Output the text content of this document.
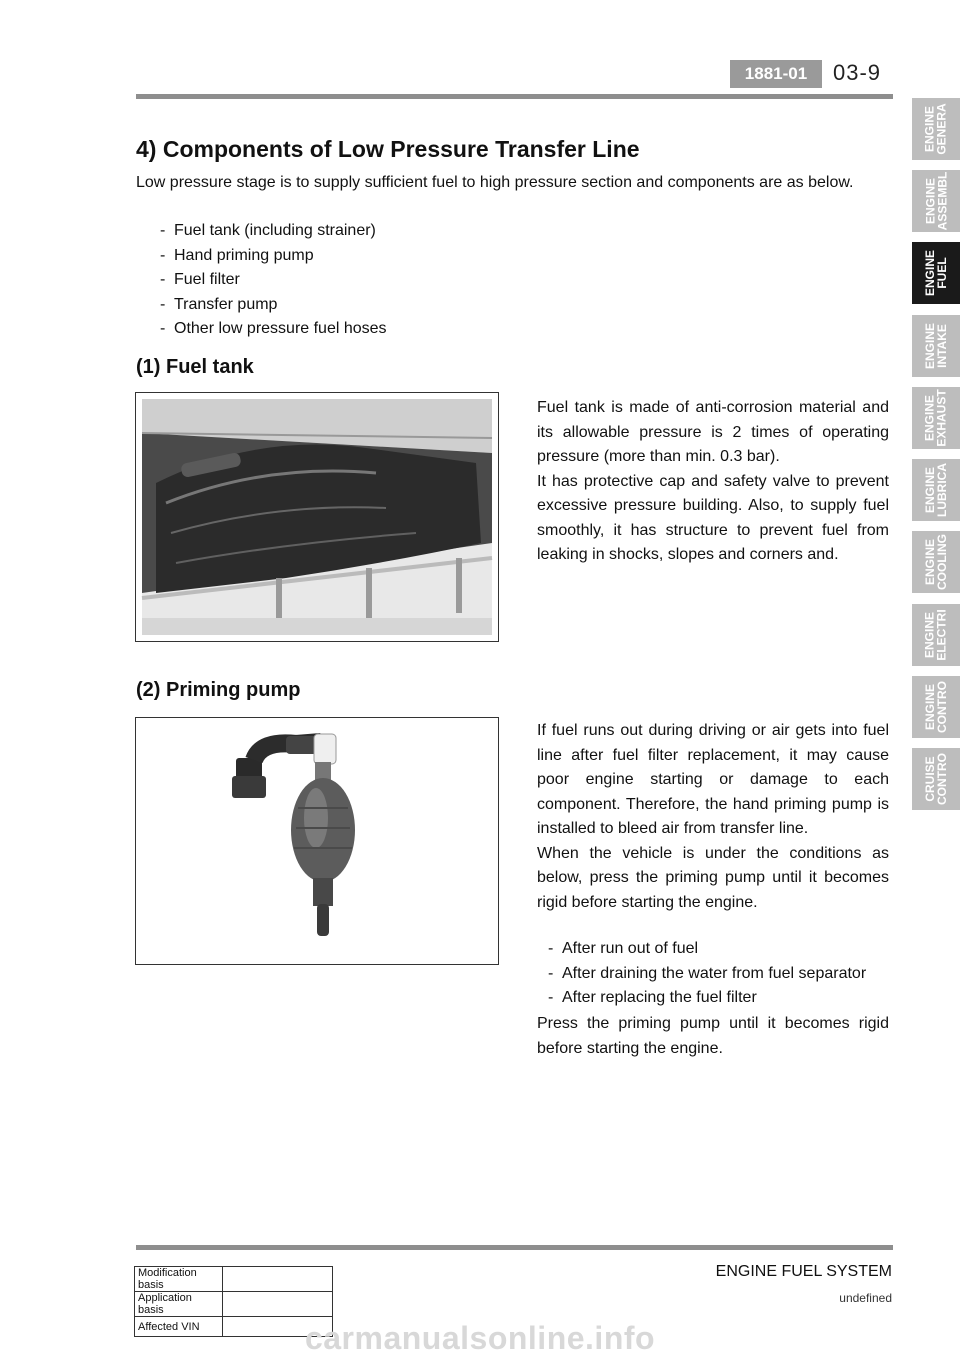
1881-01	03-9
ENGINE
GENERA
ENGINE
ASSEMBL
ENGINE
FUEL
ENGINE
INTAKE
ENGINE
EXHAUST
ENGINE
LUBRICA
ENGINE
COOLING
ENGINE
ELECTRI
ENGINE
CONTRO
CRUISE
CONTRO
4) Components of Low Pressure Transfer Line
Low pressure stage is to supply sufficient fuel to high pressure section and components are as below.
- Fuel tank (including strainer)
- Hand priming pump
- Fuel filter
- Transfer pump
- Other low pressure fuel hoses
(1) Fuel tank

Fuel tank is made of anti-corrosion material and its allowable pressure is 2 times of operating pressure (more than min. 0.3 bar).

It has protective cap and safety valve to prevent excessive pressure building. Also, to supply fuel smoothly, it has structure to prevent fuel from leaking in shocks, slopes and corners and.

(2) Priming pump

If fuel runs out during driving or air gets into fuel line after fuel filter replacement, it may cause poor engine starting or damage to each component. Therefore, the hand priming pump is installed to bleed air from transfer line.

When the vehicle is under the conditions as below, press the priming pump until it becomes rigid before starting the engine.

- After run out of fuel
- After draining the water from fuel separator
- After replacing the fuel filter
Press the priming pump until it becomes rigid before starting the engine.
ENGINE FUEL SYSTEM
undefined
Modification basis	
Application basis	
Affected VIN		carmanualsonline.info
